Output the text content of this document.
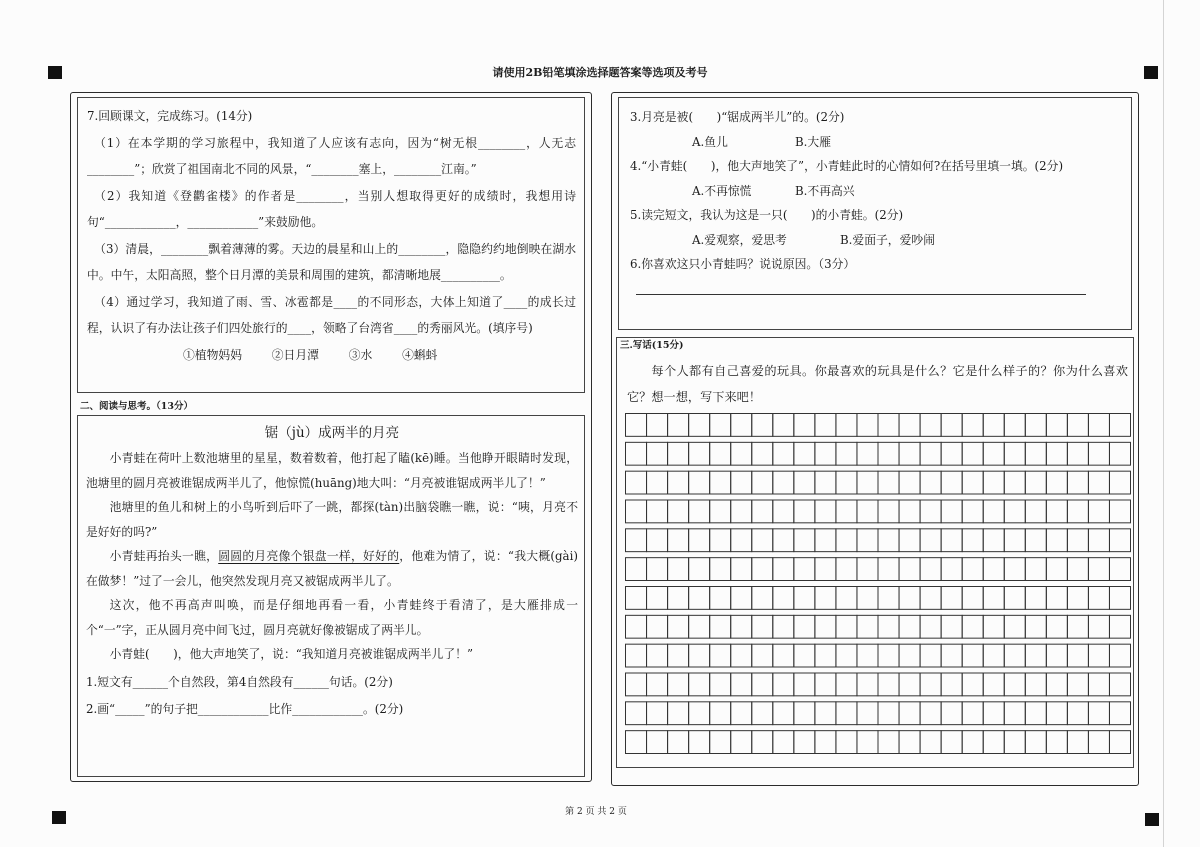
请使用2B铅笔填涂选择题答案等选项及考号
7.回顾课文，完成练习。(14分)

（1）在本学期的学习旅程中，我知道了人应该有志向，因为“树无根________，人无志________”；欣赏了祖国南北不同的风景，“________塞上，________江南。”

（2）我知道《登鹳雀楼》的作者是________，当别人想取得更好的成绩时，我想用诗句“____________，____________”来鼓励他。

（3）清晨，________飘着薄薄的雾。天边的晨星和山上的________，隐隐约约地倒映在湖水中。中午，太阳高照，整个日月潭的美景和周围的建筑，都清晰地展__________。

（4）通过学习，我知道了雨、雪、冰雹都是____的不同形态，大体上知道了____的成长过程，认识了有办法让孩子们四处旅行的____，领略了台湾省____的秀丽风光。(填序号)

①植物妈妈	②日月潭	③水	④蝌蚪
二、阅读与思考。（13分）
锯（jù）成两半的月亮

小青蛙在荷叶上数池塘里的星星，数着数着，他打起了瞌(kē)睡。当他睁开眼睛时发现，池塘里的圆月亮被谁锯成两半儿了，他惊慌(huāng)地大叫：“月亮被谁锯成两半儿了！”

池塘里的鱼儿和树上的小鸟听到后吓了一跳，都探(tàn)出脑袋瞧一瞧，说：“咦，月亮不是好好的吗?”

小青蛙再抬头一瞧，圆圆的月亮像个银盘一样，好好的，他难为情了，说：“我大概(gài)在做梦！”过了一会儿，他突然发现月亮又被锯成两半儿了。

这次，他不再高声叫唤，而是仔细地再看一看，小青蛙终于看清了，是大雁排成一个“一”字，正从圆月亮中间飞过，圆月亮就好像被锯成了两半儿。

小青蛙(　　)，他大声地笑了，说：“我知道月亮被谁锯成两半儿了！”

1.短文有______个自然段，第4自然段有______句话。(2分)
2.画“_____”的句子把____________比作____________。(2分)
3.月亮是被(　　)“锯成两半儿”的。(2分)
A.鱼儿	B.大雁
4.“小青蛙(　　)，他大声地笑了”，小青蛙此时的心情如何?在括号里填一填。(2分)
A.不再惊慌	B.不再高兴
5.读完短文，我认为这是一只(　　)的小青蛙。(2分)
A.爱观察，爱思考	B.爱面子，爱吵闹
6.你喜欢这只小青蛙吗？说说原因。（3分）
三.写话(15分)

每个人都有自己喜爱的玩具。你最喜欢的玩具是什么？它是什么样子的？你为什么喜欢它？想一想，写下来吧！

第 2 页 共 2 页
